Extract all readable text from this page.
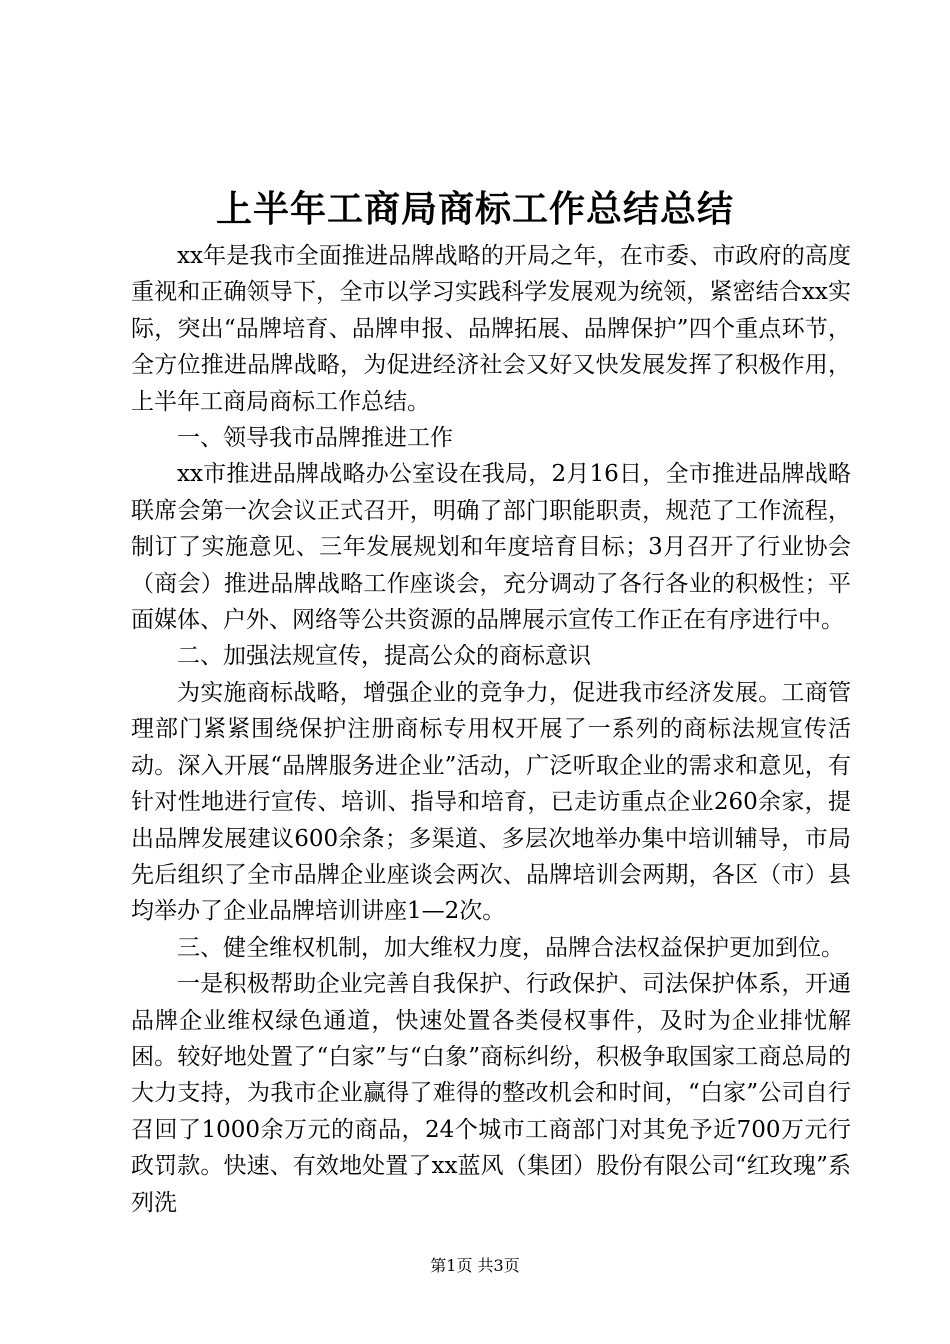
上半年工商局商标工作总结总结

xx年是我市全面推进品牌战略的开局之年，在市委、市政府的高度重视和正确领导下，全市以学习实践科学发展观为统领，紧密结合xx实际，突出“品牌培育、品牌申报、品牌拓展、品牌保护”四个重点环节，全方位推进品牌战略，为促进经济社会又好又快发展发挥了积极作用，上半年工商局商标工作总结。

一、领导我市品牌推进工作

xx市推进品牌战略办公室设在我局，2月16日，全市推进品牌战略联席会第一次会议正式召开，明确了部门职能职责，规范了工作流程，制订了实施意见、三年发展规划和年度培育目标；3月召开了行业协会（商会）推进品牌战略工作座谈会，充分调动了各行各业的积极性；平面媒体、户外、网络等公共资源的品牌展示宣传工作正在有序进行中。

二、加强法规宣传，提高公众的商标意识

为实施商标战略，增强企业的竞争力，促进我市经济发展。工商管理部门紧紧围绕保护注册商标专用权开展了一系列的商标法规宣传活动。深入开展“品牌服务进企业”活动，广泛听取企业的需求和意见，有针对性地进行宣传、培训、指导和培育，已走访重点企业260余家，提出品牌发展建议600余条；多渠道、多层次地举办集中培训辅导，市局先后组织了全市品牌企业座谈会两次、品牌培训会两期，各区（市）县均举办了企业品牌培训讲座1—2次。

三、健全维权机制，加大维权力度，品牌合法权益保护更加到位。

一是积极帮助企业完善自我保护、行政保护、司法保护体系，开通品牌企业维权绿色通道，快速处置各类侵权事件，及时为企业排忧解困。较好地处置了“白家”与“白象”商标纠纷，积极争取国家工商总局的大力支持，为我市企业赢得了难得的整改机会和时间，“白家”公司自行召回了1000余万元的商品，24个城市工商部门对其免予近700万元行政罚款。快速、有效地处置了xx蓝风（集团）股份有限公司“红玫瑰”系列洗

第1页 共3页
